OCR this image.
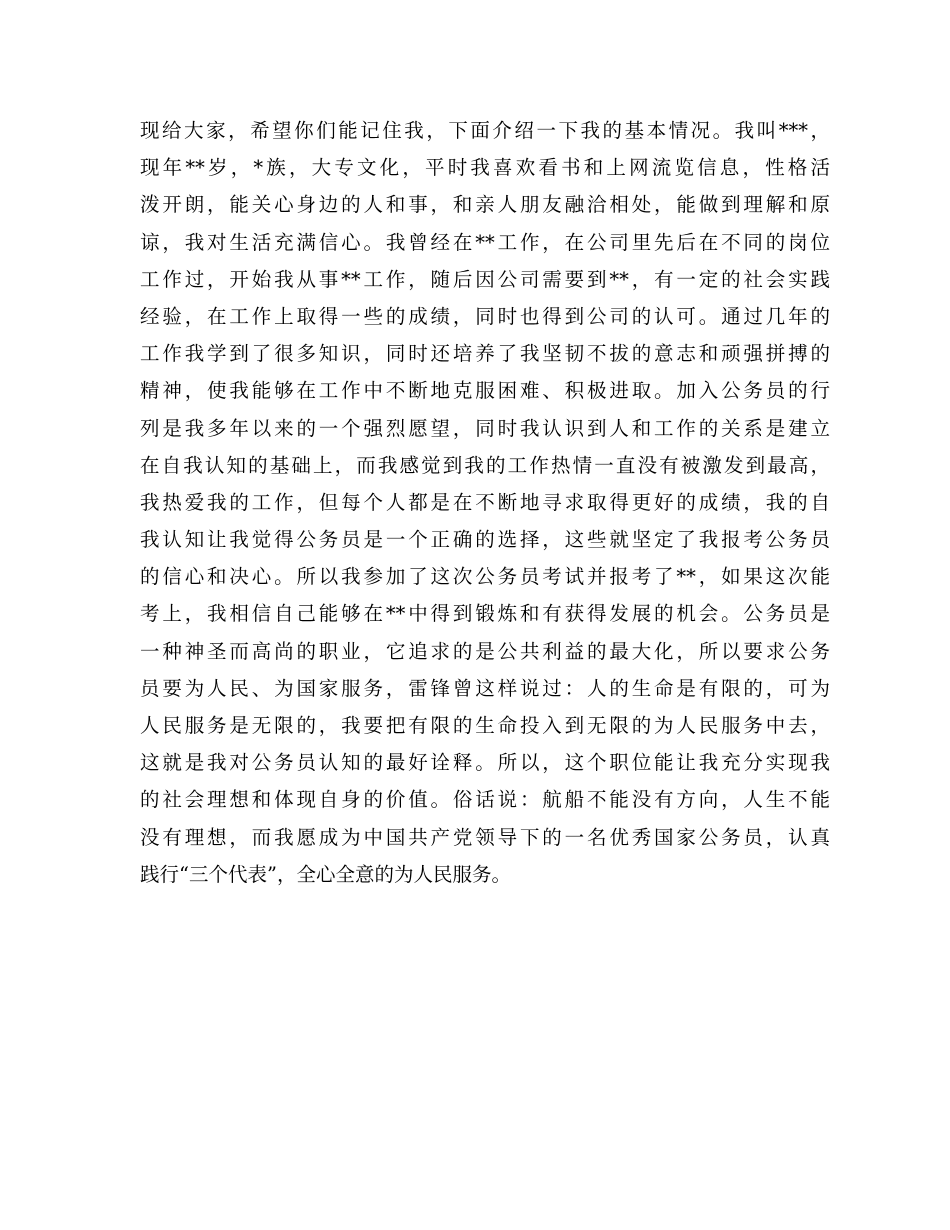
现给大家，希望你们能记住我，下面介绍一下我的基本情况。我叫***，
现年**岁，*族，大专文化，平时我喜欢看书和上网流览信息，性格活
泼开朗，能关心身边的人和事，和亲人朋友融洽相处，能做到理解和原
谅，我对生活充满信心。我曾经在**工作，在公司里先后在不同的岗位
工作过，开始我从事**工作，随后因公司需要到**，有一定的社会实践
经验，在工作上取得一些的成绩，同时也得到公司的认可。通过几年的
工作我学到了很多知识，同时还培养了我坚韧不拔的意志和顽强拼搏的
精神，使我能够在工作中不断地克服困难、积极进取。加入公务员的行
列是我多年以来的一个强烈愿望，同时我认识到人和工作的关系是建立
在自我认知的基础上，而我感觉到我的工作热情一直没有被激发到最高，
我热爱我的工作，但每个人都是在不断地寻求取得更好的成绩，我的自
我认知让我觉得公务员是一个正确的选择，这些就坚定了我报考公务员
的信心和决心。所以我参加了这次公务员考试并报考了**，如果这次能
考上，我相信自己能够在**中得到锻炼和有获得发展的机会。公务员是
一种神圣而高尚的职业，它追求的是公共利益的最大化，所以要求公务
员要为人民、为国家服务，雷锋曾这样说过：人的生命是有限的，可为
人民服务是无限的，我要把有限的生命投入到无限的为人民服务中去，
这就是我对公务员认知的最好诠释。所以，这个职位能让我充分实现我
的社会理想和体现自身的价值。俗话说：航船不能没有方向，人生不能
没有理想，而我愿成为中国共产党领导下的一名优秀国家公务员，认真
践行“三个代表”，全心全意的为人民服务。
